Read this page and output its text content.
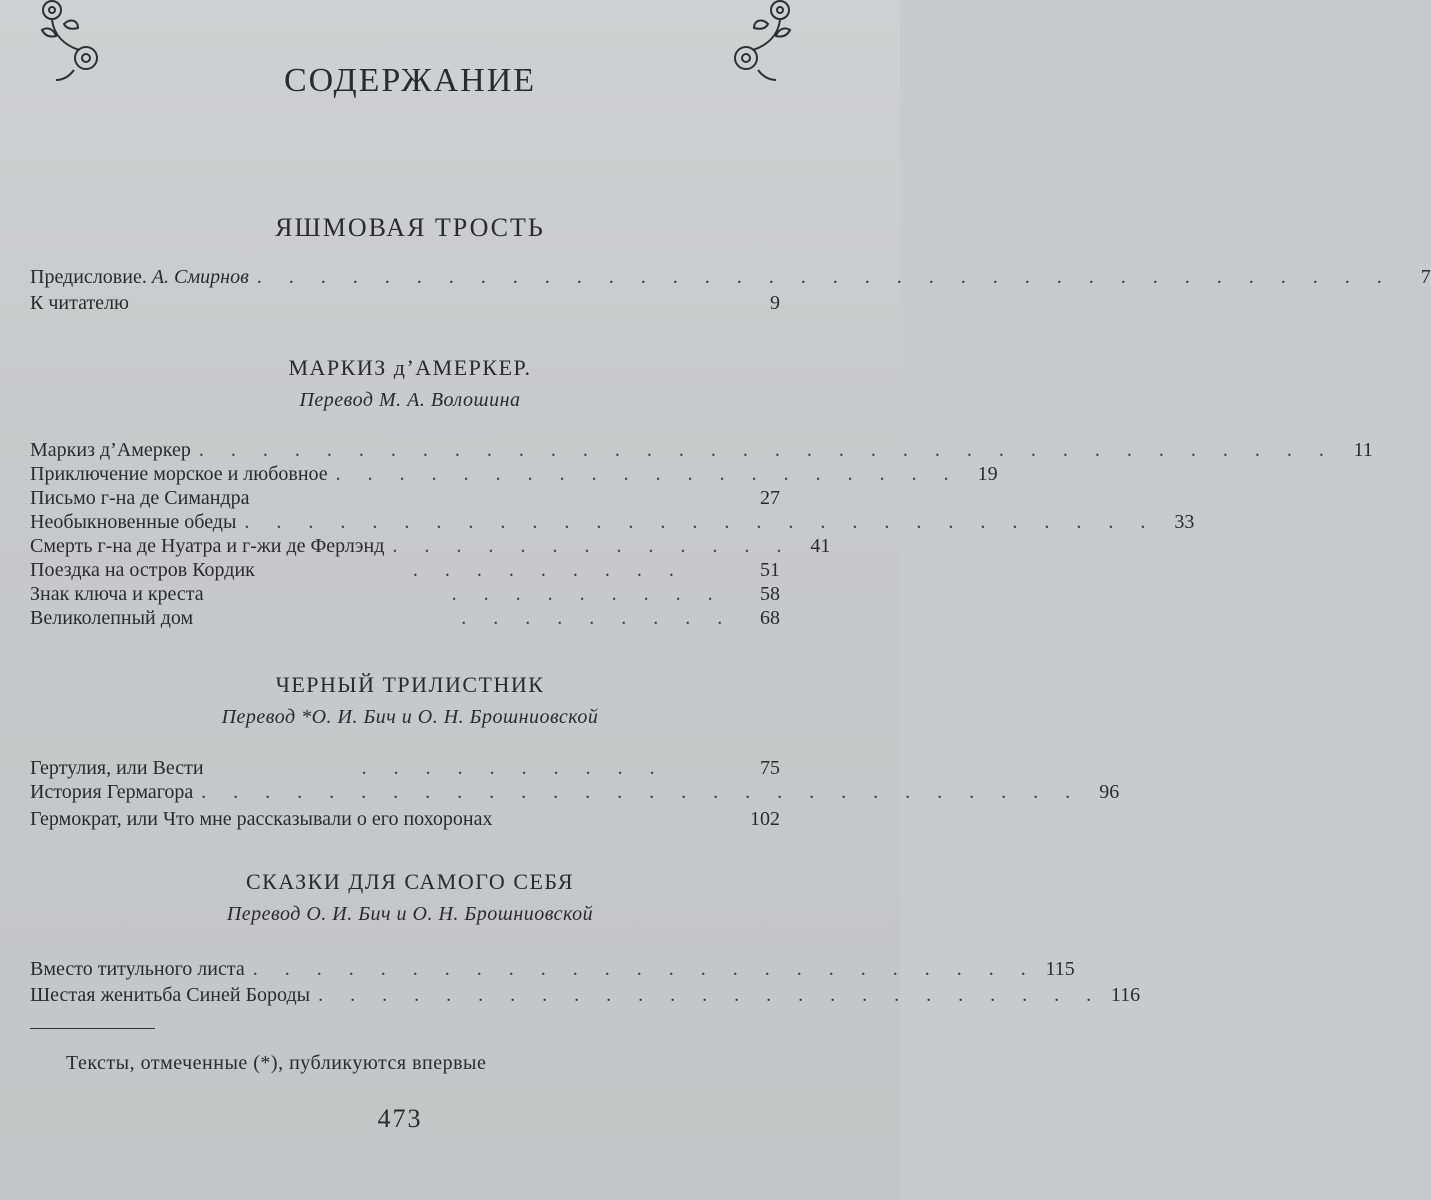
СОДЕРЖАНИЕ
ЯШМОВАЯ ТРОСТЬ
Предисловие. А. Смирнов . . . . . . . . . . . . . . . . . . . . . . . . . . . . . . . . . . . .	7
К читателю	9
МАРКИЗ д’АМЕРКЕР.
Перевод М. А. Волошина
Маркиз д’Амеркер . . . . . . . . . . . . . . . . . . . . . . . . . . . . . . . . . . . . 11
Приключение морское и любовное . . . . . . . . . . . . . . . . . . . . 19
Письмо г-на де Симандра	27
Необыкновенные обеды . . . . . . . . . . . . . . . . . . . . . . . . . . . . . 33
Смерть г-на де Нуатра и г-жи де Ферлэнд . . . . . . . . . . . . . 41
Поездка на остров Кордик	. . . . . . . . .	51
Знак ключа и креста	. . . . . . . . .	58
Великолепный дом	. . . . . . . . .	68
ЧЕРНЫЙ ТРИЛИСТНИК
Перевод *О. И. Бич и О. Н. Брошниовской
Гертулия, или Вести	. . . . . . . . . .	75
История Гермагора . . . . . . . . . . . . . . . . . . . . . . . . . . . . 96
Гермократ, или Что мне рассказывали о его похоронах	102
СКАЗКИ ДЛЯ САМОГО СЕБЯ
Перевод О. И. Бич и О. Н. Брошниовской
Вместо титульного листа . . . . . . . . . . . . . . . . . . . . . . . . . 115
Шестая женитьба Синей Бороды . . . . . . . . . . . . . . . . . . . . . . . . . 116
Тексты, отмеченные (*), публикуются впервые
473
